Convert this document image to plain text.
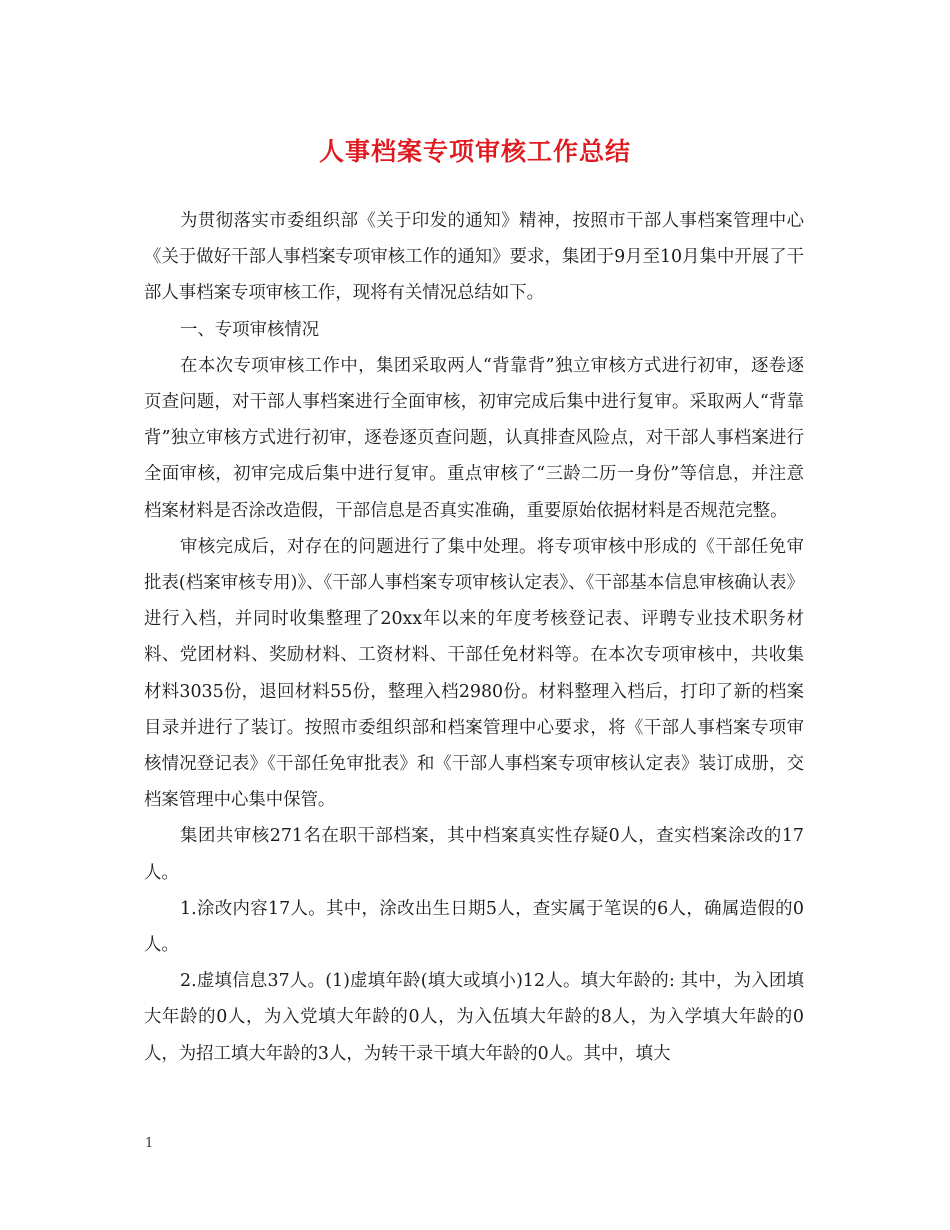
人事档案专项审核工作总结

为贯彻落实市委组织部《关于印发的通知》精神，按照市干部人事档案管理中心《关于做好干部人事档案专项审核工作的通知》要求，集团于9月至10月集中开展了干部人事档案专项审核工作，现将有关情况总结如下。

一、专项审核情况

在本次专项审核工作中，集团采取两人“背靠背”独立审核方式进行初审，逐卷逐页查问题，对干部人事档案进行全面审核，初审完成后集中进行复审。采取两人“背靠背”独立审核方式进行初审，逐卷逐页查问题，认真排查风险点，对干部人事档案进行全面审核，初审完成后集中进行复审。重点审核了“三龄二历一身份”等信息，并注意档案材料是否涂改造假，干部信息是否真实准确，重要原始依据材料是否规范完整。

审核完成后，对存在的问题进行了集中处理。将专项审核中形成的《干部任免审批表(档案审核专用)》、《干部人事档案专项审核认定表》、《干部基本信息审核确认表》进行入档，并同时收集整理了20xx年以来的年度考核登记表、评聘专业技术职务材料、党团材料、奖励材料、工资材料、干部任免材料等。在本次专项审核中，共收集材料3035份，退回材料55份，整理入档2980份。材料整理入档后，打印了新的档案目录并进行了装订。按照市委组织部和档案管理中心要求，将《干部人事档案专项审核情况登记表》《干部任免审批表》和《干部人事档案专项审核认定表》装订成册，交档案管理中心集中保管。

集团共审核271名在职干部档案，其中档案真实性存疑0人，查实档案涂改的17人。

1.涂改内容17人。其中，涂改出生日期5人，查实属于笔误的6人，确属造假的0人。

2.虚填信息37人。(1)虚填年龄(填大或填小)12人。填大年龄的: 其中，为入团填大年龄的0人，为入党填大年龄的0人，为入伍填大年龄的8人，为入学填大年龄的0人，为招工填大年龄的3人，为转干录干填大年龄的0人。其中，填大

1
